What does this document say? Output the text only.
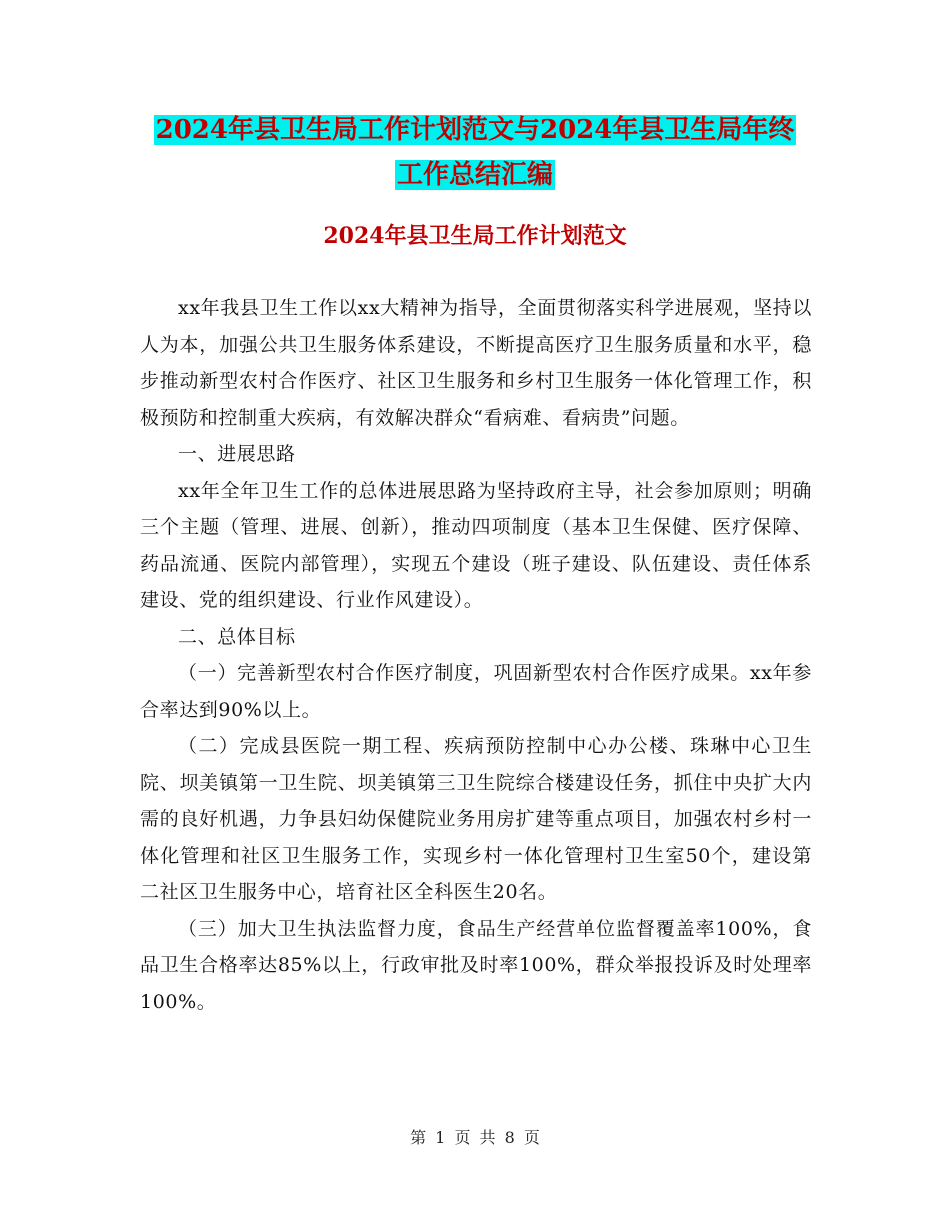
2024年县卫生局工作计划范文与2024年县卫生局年终
工作总结汇编
2024年县卫生局工作计划范文

xx年我县卫生工作以xx大精神为指导，全面贯彻落实科学进展观，坚持以人为本，加强公共卫生服务体系建设，不断提高医疗卫生服务质量和水平，稳步推动新型农村合作医疗、社区卫生服务和乡村卫生服务一体化管理工作，积极预防和控制重大疾病，有效解决群众“看病难、看病贵”问题。

一、进展思路

xx年全年卫生工作的总体进展思路为坚持政府主导，社会参加原则；明确三个主题（管理、进展、创新），推动四项制度（基本卫生保健、医疗保障、药品流通、医院内部管理），实现五个建设（班子建设、队伍建设、责任体系建设、党的组织建设、行业作风建设）。

二、总体目标

（一）完善新型农村合作医疗制度，巩固新型农村合作医疗成果。xx年参合率达到90%以上。

（二）完成县医院一期工程、疾病预防控制中心办公楼、珠琳中心卫生院、坝美镇第一卫生院、坝美镇第三卫生院综合楼建设任务，抓住中央扩大内需的良好机遇，力争县妇幼保健院业务用房扩建等重点项目，加强农村乡村一体化管理和社区卫生服务工作，实现乡村一体化管理村卫生室50个，建设第二社区卫生服务中心，培育社区全科医生20名。

（三）加大卫生执法监督力度，食品生产经营单位监督覆盖率100%，食品卫生合格率达85%以上，行政审批及时率100%，群众举报投诉及时处理率100%。

第 1 页 共 8 页
